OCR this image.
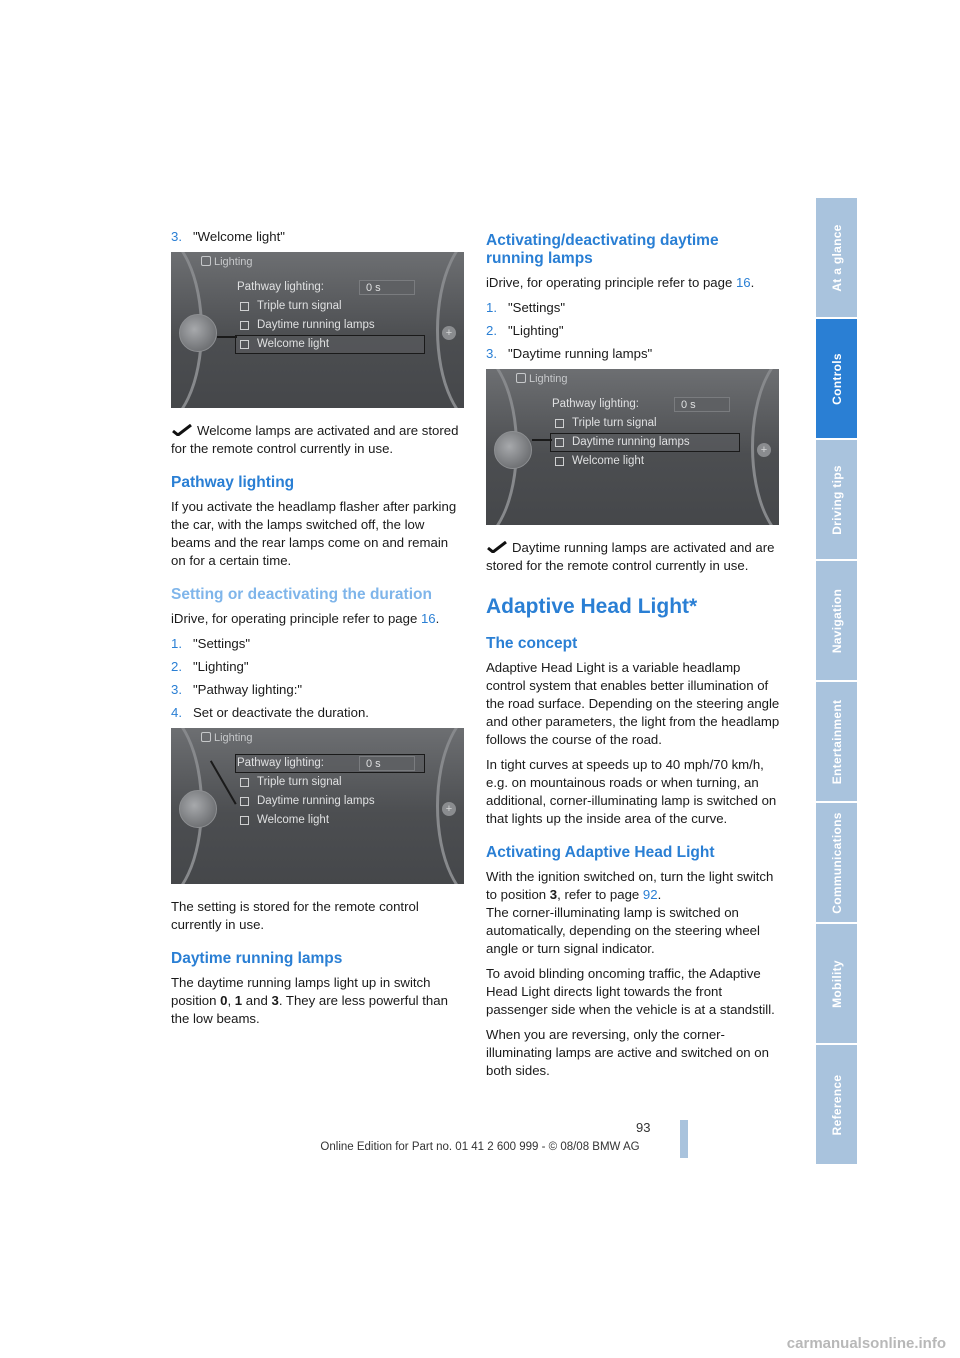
3. "Welcome light"
+
Lighting
Pathway lighting:	0 s
Triple turn signal
Daytime running lamps
Welcome light

Welcome lamps are activated and are stored for the remote control currently in use.

Pathway lighting

If you activate the headlamp flasher after parking the car, with the lamps switched off, the low beams and the rear lamps come on and remain on for a certain time.

Setting or deactivating the duration

iDrive, for operating principle refer to page 16.

1. "Settings"
2. "Lighting"
3. "Pathway lighting:"
4. Set or deactivate the duration.
+
Lighting
Pathway lighting:	0 s
Triple turn signal
Daytime running lamps
Welcome light

The setting is stored for the remote control currently in use.

Daytime running lamps

The daytime running lamps light up in switch position 0, 1 and 3. They are less powerful than the low beams.

Activating/deactivating daytime running lamps

iDrive, for operating principle refer to page 16.

1. "Settings"
2. "Lighting"
3. "Daytime running lamps"
+
Lighting
Pathway lighting:	0 s
Triple turn signal
Daytime running lamps
Welcome light

Daytime running lamps are activated and are stored for the remote control currently in use.

Adaptive Head Light*
The concept

Adaptive Head Light is a variable headlamp control system that enables better illumination of the road surface. Depending on the steering angle and other parameters, the light from the headlamp follows the course of the road.

In tight curves at speeds up to 40 mph/70 km/h, e.g. on mountainous roads or when turning, an additional, corner-illuminating lamp is switched on that lights up the inside area of the curve.

Activating Adaptive Head Light

With the ignition switched on, turn the light switch to position 3, refer to page 92.

The corner-illuminating lamp is switched on automatically, depending on the steering wheel angle or turn signal indicator.

To avoid blinding oncoming traffic, the Adaptive Head Light directs light towards the front passenger side when the vehicle is at a standstill.

When you are reversing, only the corner-illuminating lamps are active and switched on on both sides.

At a glance
Controls
Driving tips
Navigation
Entertainment
Communications
Mobility
Reference
93
Online Edition for Part no. 01 41 2 600 999 - © 08/08 BMW AG
carmanualsonline.info
